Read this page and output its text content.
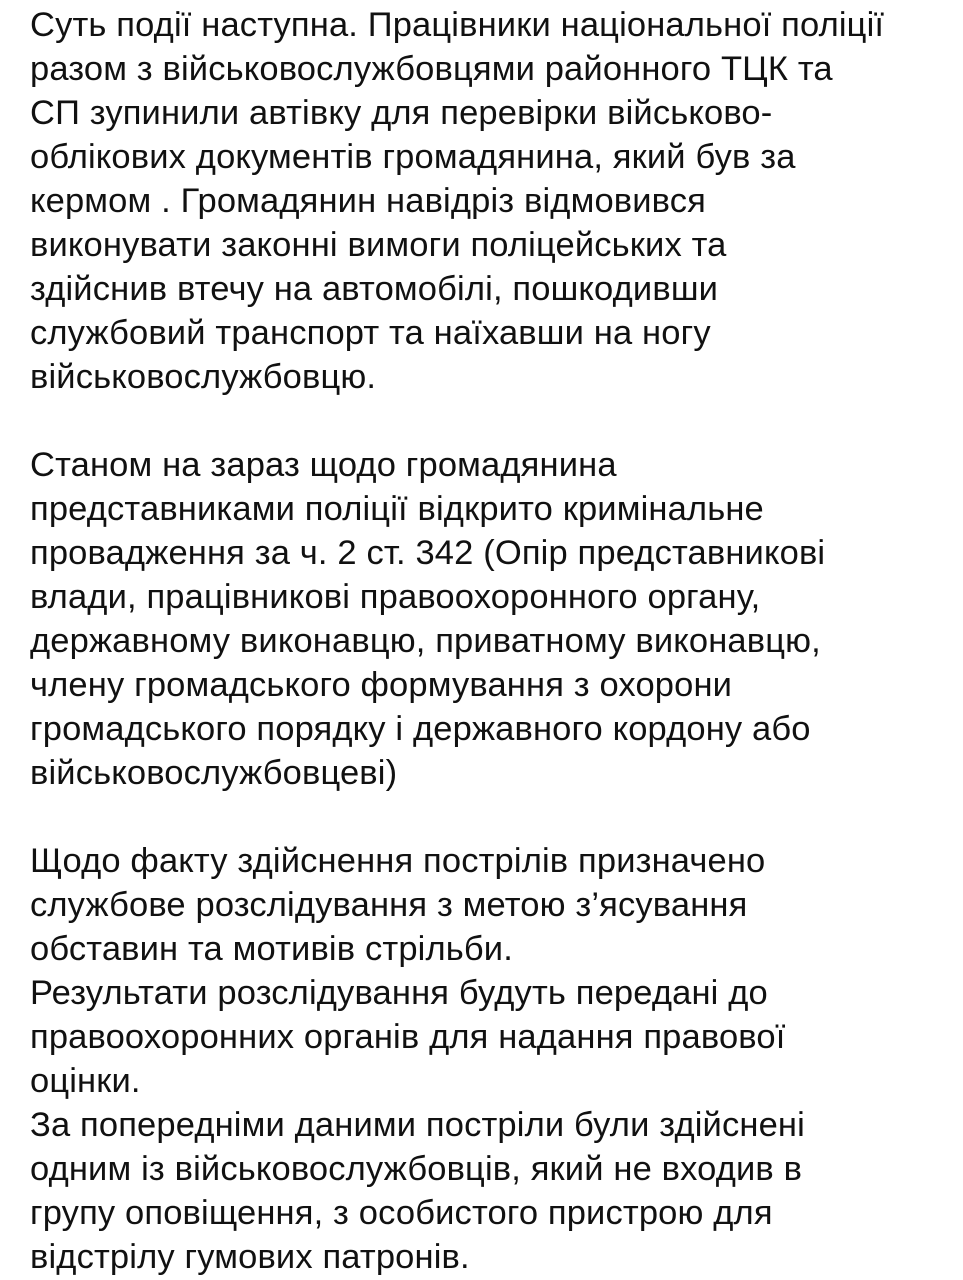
Суть події наступна. Працівники національної поліції
разом з військовослужбовцями районного ТЦК та
СП зупинили автівку для перевірки військово-
облікових документів громадянина, який був за
кермом . Громадянин навідріз відмовився
виконувати законні вимоги поліцейських та
здійснив втечу на автомобілі, пошкодивши
службовий транспорт та наїхавши на ногу
військовослужбовцю.
Станом на зараз щодо громадянина
представниками поліції відкрито кримінальне
провадження за ч. 2 ст. 342 (Опір представникові
влади, працівникові правоохоронного органу,
державному виконавцю, приватному виконавцю,
члену громадського формування з охорони
громадського порядку і державного кордону або
військовослужбовцеві)
Щодо факту здійснення пострілів призначено
службове розслідування з метою з’ясування
обставин та мотивів стрільби.
Результати розслідування будуть передані до
правоохоронних органів для надання правової
оцінки.
За попередніми даними постріли були здійснені
одним із військовослужбовців, який не входив в
групу оповіщення, з особистого пристрою для
відстрілу гумових патронів.
